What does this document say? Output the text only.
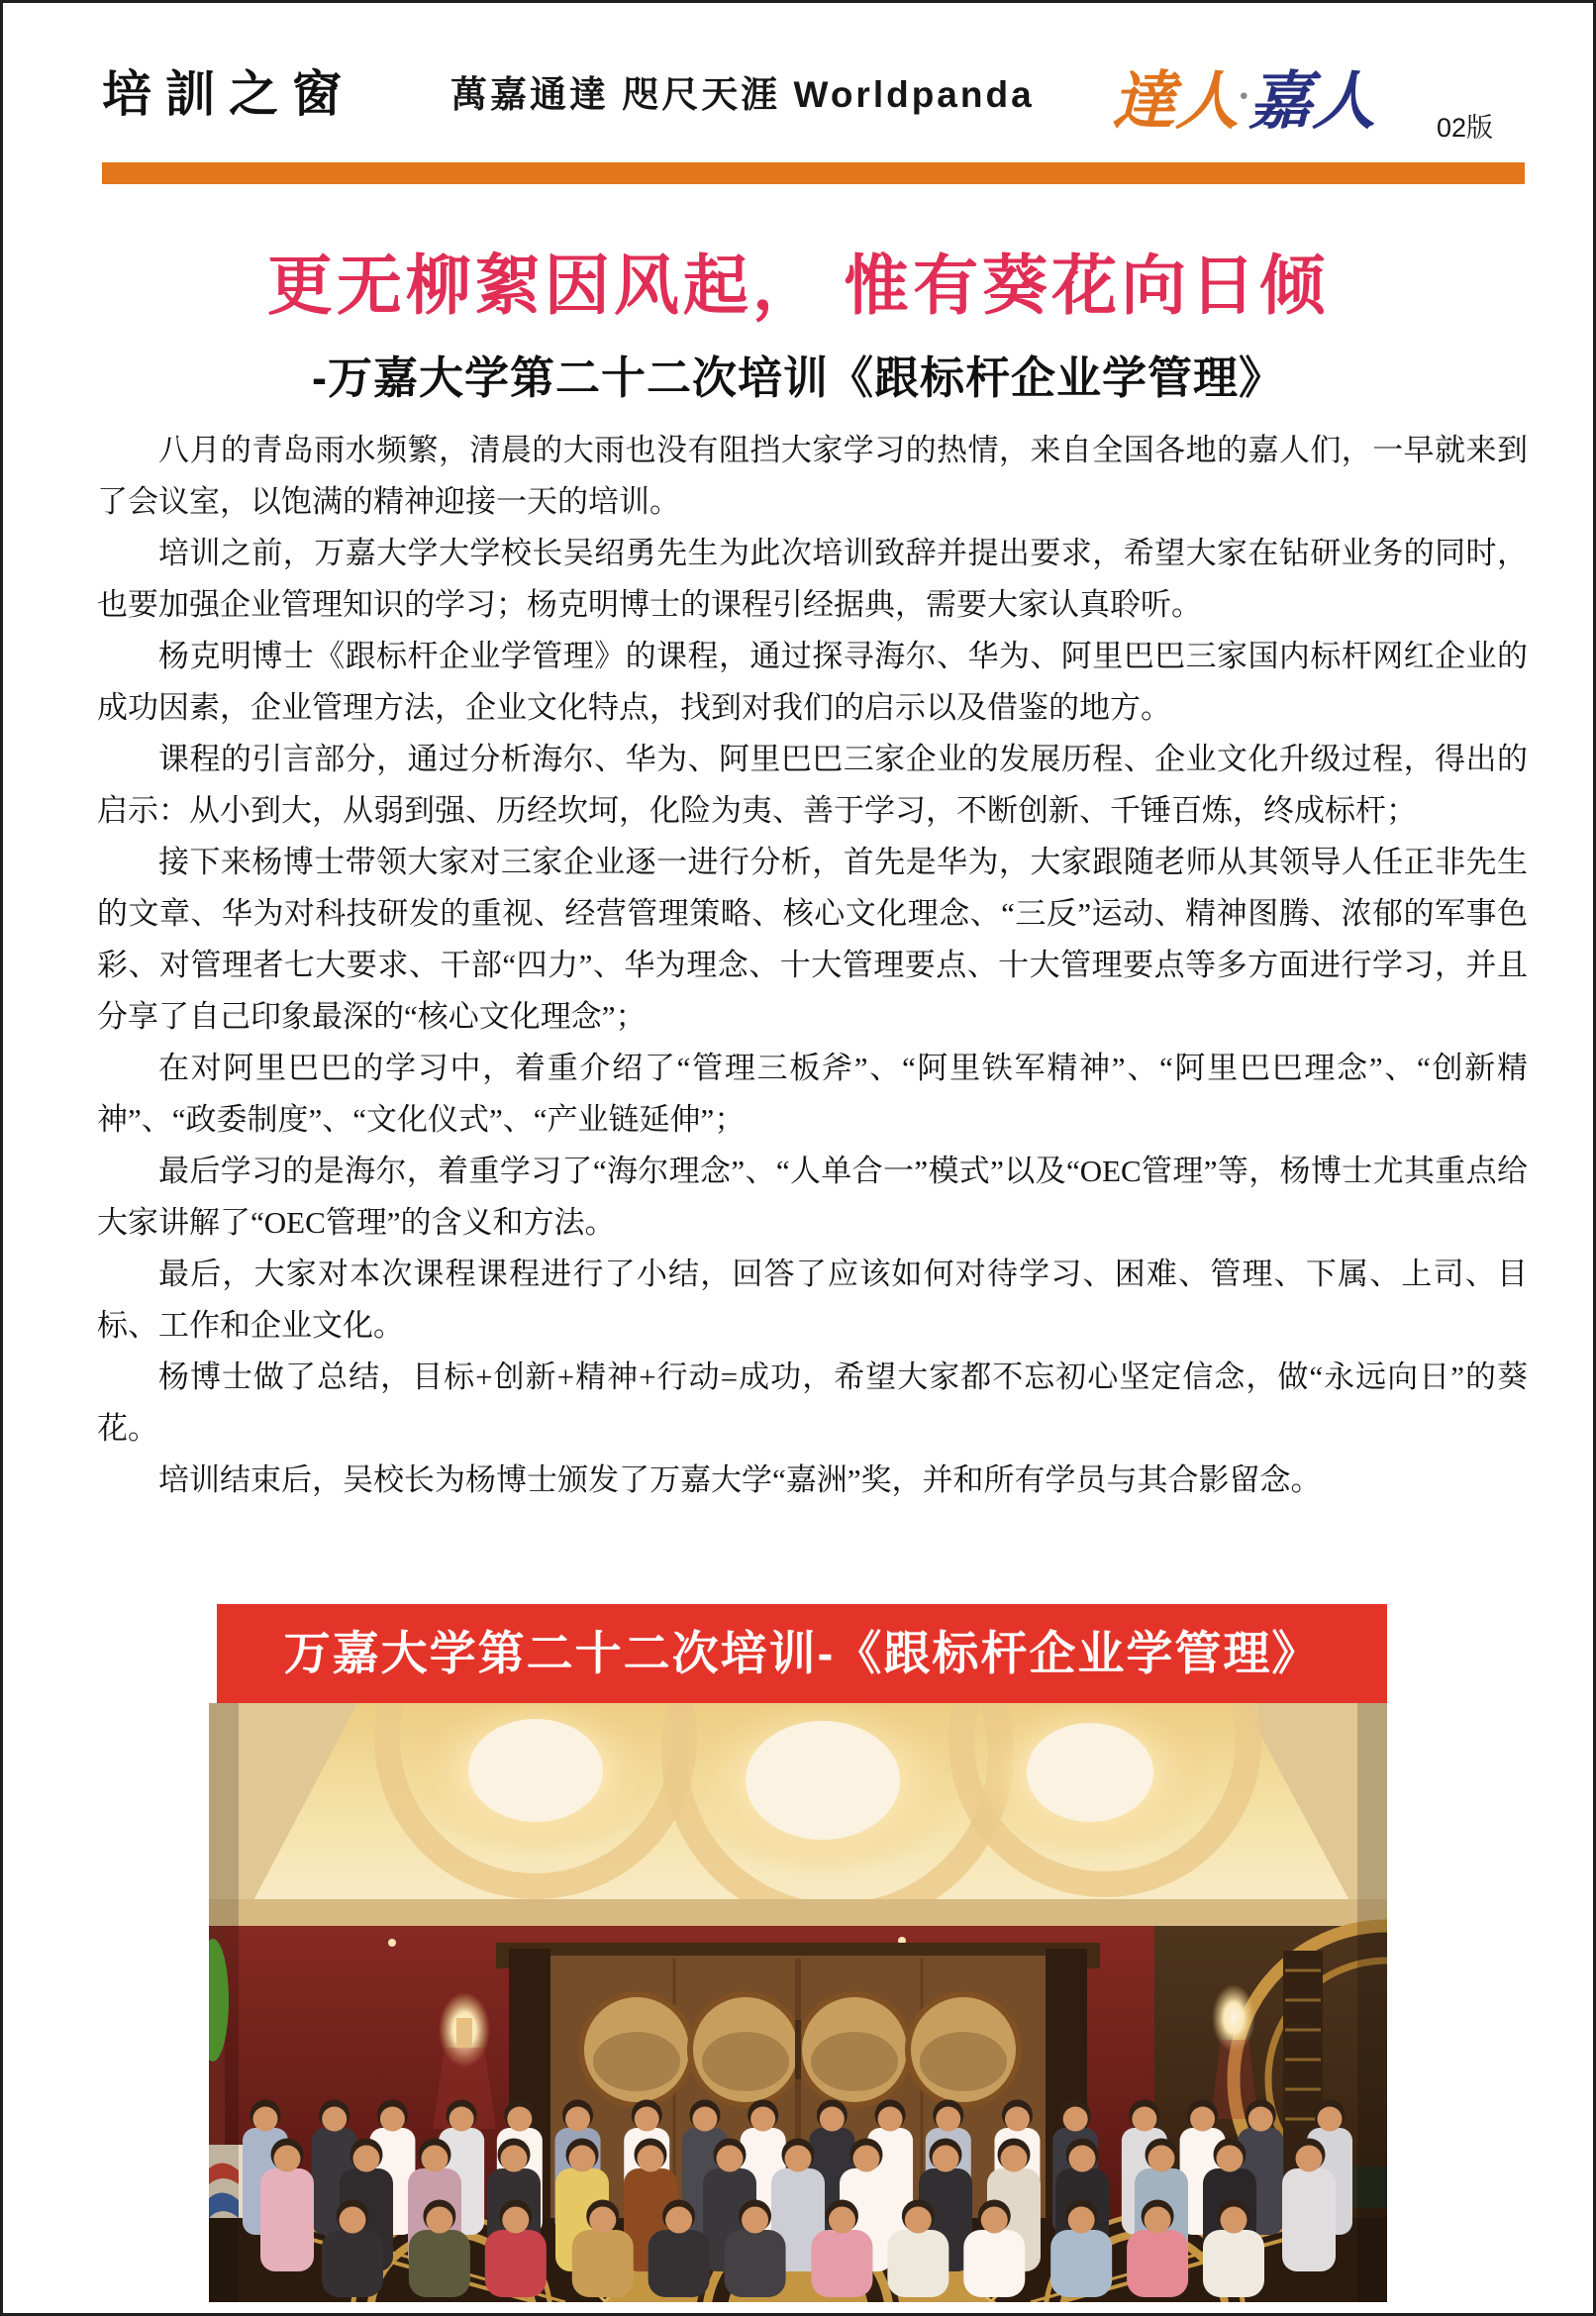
培訓之窗	萬嘉通達 咫尺天涯 Worldpanda 達人·嘉人 02版
更无柳絮因风起， 惟有葵花向日倾
-万嘉大学第二十二次培训《跟标杆企业学管理》

八月的青岛雨水频繁，清晨的大雨也没有阻挡大家学习的热情，来自全国各地的嘉人们，一早就来到了会议室，以饱满的精神迎接一天的培训。

培训之前，万嘉大学大学校长吴绍勇先生为此次培训致辞并提出要求，希望大家在钻研业务的同时，也要加强企业管理知识的学习；杨克明博士的课程引经据典，需要大家认真聆听。

杨克明博士《跟标杆企业学管理》的课程，通过探寻海尔、华为、阿里巴巴三家国内标杆网红企业的成功因素，企业管理方法，企业文化特点，找到对我们的启示以及借鉴的地方。

课程的引言部分，通过分析海尔、华为、阿里巴巴三家企业的发展历程、企业文化升级过程，得出的启示：从小到大，从弱到强、历经坎坷，化险为夷、善于学习，不断创新、千锤百炼，终成标杆；

接下来杨博士带领大家对三家企业逐一进行分析，首先是华为，大家跟随老师从其领导人任正非先生的文章、华为对科技研发的重视、经营管理策略、核心文化理念、“三反”运动、精神图腾、浓郁的军事色彩、对管理者七大要求、干部“四力”、华为理念、十大管理要点、十大管理要点等多方面进行学习，并且分享了自己印象最深的“核心文化理念”；

在对阿里巴巴的学习中，着重介绍了“管理三板斧”、“阿里铁军精神”、“阿里巴巴理念”、“创新精神”、“政委制度”、“文化仪式”、“产业链延伸”；

最后学习的是海尔，着重学习了“海尔理念”、“人单合一”模式”以及“OEC管理”等，杨博士尤其重点给大家讲解了“OEC管理”的含义和方法。

最后，大家对本次课程课程进行了小结，回答了应该如何对待学习、困难、管理、下属、上司、目标、工作和企业文化。

杨博士做了总结，目标+创新+精神+行动=成功，希望大家都不忘初心坚定信念，做“永远向日”的葵花。

培训结束后，吴校长为杨博士颁发了万嘉大学“嘉洲”奖，并和所有学员与其合影留念。

万嘉大学第二十二次培训-《跟标杆企业学管理》
